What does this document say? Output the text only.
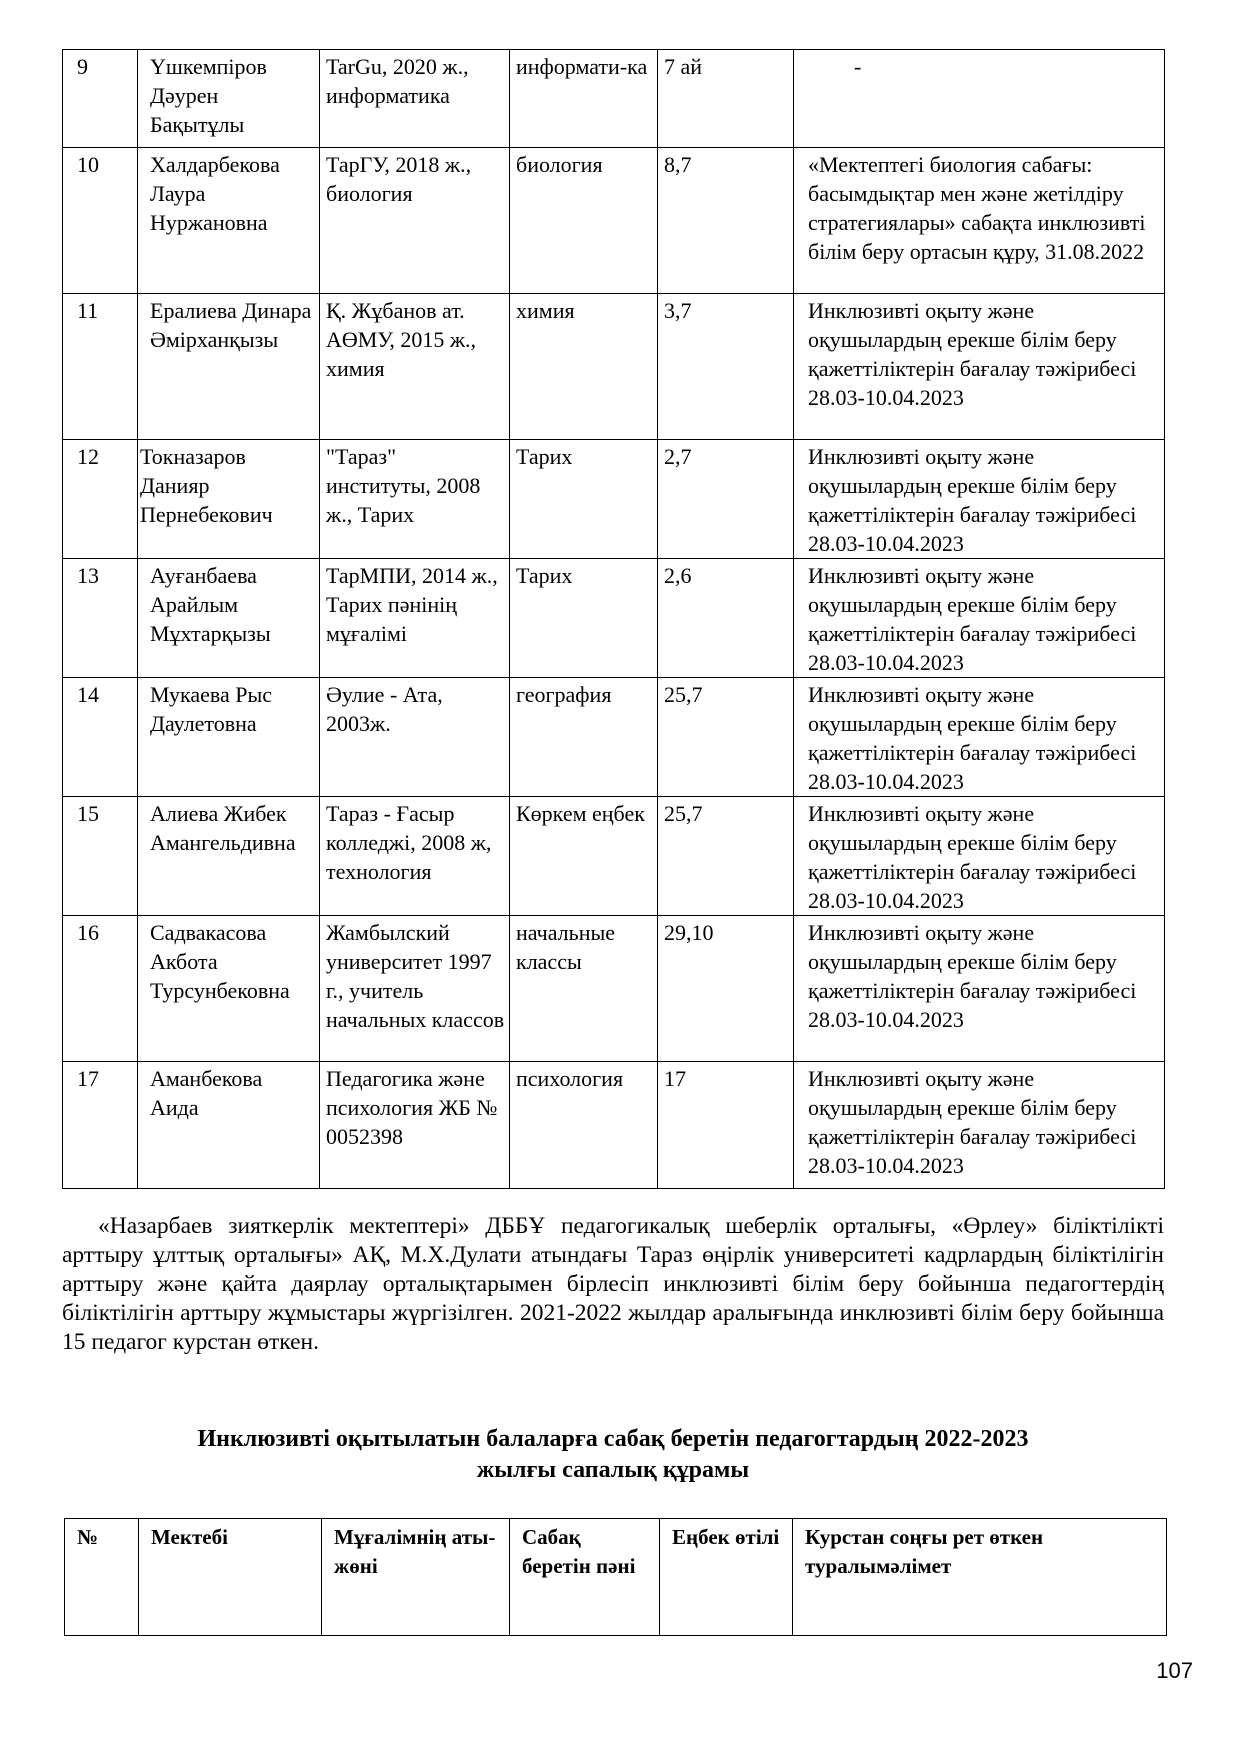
9	Үшкемпіров Дәурен Бақытұлы	TarGu, 2020 ж., информатика	информати-ка	7 ай	-
10	Халдарбекова Лаура Нуржановна	ТарГУ, 2018 ж., биология	биология	8,7	«Мектептегі биология сабағы: басымдықтар мен және жетілдіру стратегиялары» сабақта инклюзивті білім беру ортасын құру, 31.08.2022
11	Ералиева Динара Әмірханқызы	Қ. Жұбанов ат. АӨМУ, 2015 ж., химия	химия	3,7	Инклюзивті оқыту және оқушылардың ерекше білім беру қажеттіліктерін бағалау тәжірибесі 28.03-10.04.2023
12	Токназаров Данияр Пернебекович	"Тараз" институты, 2008 ж., Тарих	Тарих	2,7	Инклюзивті оқыту және оқушылардың ерекше білім беру қажеттіліктерін бағалау тәжірибесі 28.03-10.04.2023
13	Ауғанбаева Арайлым Мұхтарқызы	ТарМПИ, 2014 ж., Тарих пәнінің мұғалімі	Тарих	2,6	Инклюзивті оқыту және оқушылардың ерекше білім беру қажеттіліктерін бағалау тәжірибесі 28.03-10.04.2023
14	Мукаева Рыс Даулетовна	Әулие - Ата, 2003ж.	география	25,7	Инклюзивті оқыту және оқушылардың ерекше білім беру қажеттіліктерін бағалау тәжірибесі 28.03-10.04.2023
15	Алиева Жибек Амангельдивна	Тараз - Ғасыр колледжі, 2008 ж, технология	Көркем еңбек	25,7	Инклюзивті оқыту және оқушылардың ерекше білім беру қажеттіліктерін бағалау тәжірибесі 28.03-10.04.2023
16	Садвакасова Акбота Турсунбековна	Жамбылский университет 1997 г., учитель начальных классов	начальные классы	29,10	Инклюзивті оқыту және оқушылардың ерекше білім беру қажеттіліктерін бағалау тәжірибесі 28.03-10.04.2023
17	Аманбекова Аида	Педагогика және психология ЖБ № 0052398	психология	17	Инклюзивті оқыту және оқушылардың ерекше білім беру қажеттіліктерін бағалау тәжірибесі 28.03-10.04.2023

«Назарбаев зияткерлік мектептері» ДББҰ педагогикалық шеберлік орталығы, «Өрлеу» біліктілікті арттыру ұлттық орталығы» АҚ, М.Х.Дулати атындағы Тараз өңірлік университеті кадрлардың біліктілігін арттыру және қайта даярлау орталықтарымен бірлесіп инклюзивті білім беру бойынша педагогтердің біліктілігін арттыру жұмыстары жүргізілген. 2021-2022 жылдар аралығында инклюзивті білім беру бойынша 15 педагог курстан өткен.

Инклюзивті оқытылатын балаларға сабақ беретін педагогтардың 2022-2023
жылғы сапалық құрамы
№	Мектебі	Мұғалімнің аты-жөні	Сабақ беретін пәні	Еңбек өтілі	Курстан соңғы рет өткен туралымәлімет
107
